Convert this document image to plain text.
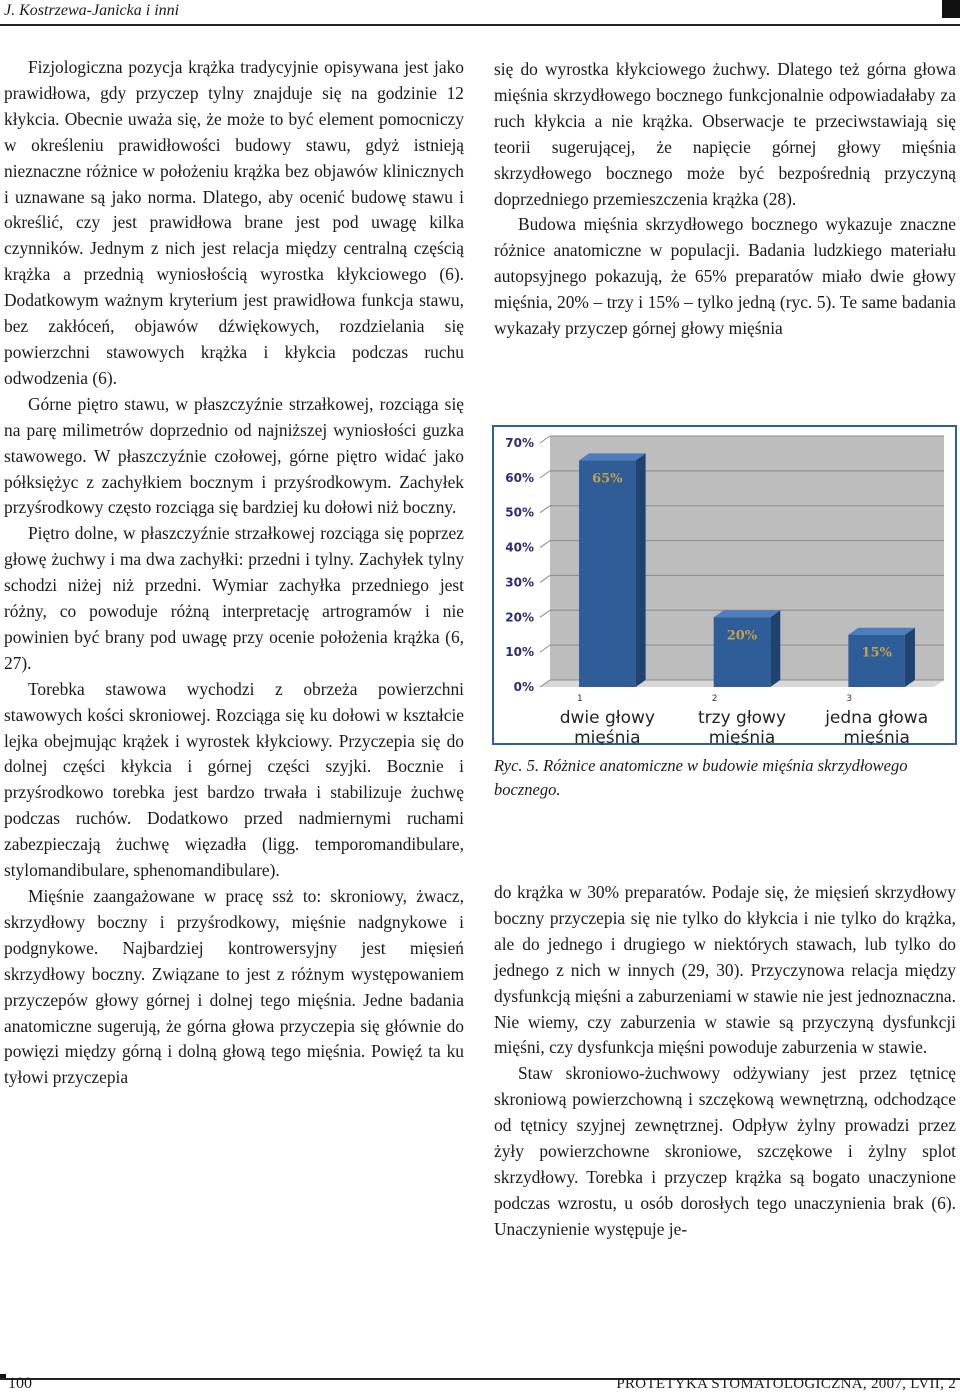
J. Kostrzewa-Janicka i inni

Fizjologiczna pozycja krążka tradycyjnie opisywana jest jako prawidłowa, gdy przyczep tylny znajduje się na godzinie 12 kłykcia. Obecnie uważa się, że może to być element pomocniczy w określeniu prawidłowości budowy stawu, gdyż istnieją nieznaczne różnice w położeniu krążka bez objawów klinicznych i uznawane są jako norma. Dlatego, aby ocenić budowę stawu i określić, czy jest prawidłowa brane jest pod uwagę kilka czynników. Jednym z nich jest relacja między centralną częścią krążka a przednią wyniosłością wyrostka kłykciowego (6). Dodatkowym ważnym kryterium jest prawidłowa funkcja stawu, bez zakłóceń, objawów dźwiękowych, rozdzielania się powierzchni stawowych krążka i kłykcia podczas ruchu odwodzenia (6).

Górne piętro stawu, w płaszczyźnie strzałkowej, rozciąga się na parę milimetrów doprzednio od najniższej wyniosłości guzka stawowego. W płaszczyźnie czołowej, górne piętro widać jako półksiężyc z zachyłkiem bocznym i przyśrodkowym. Zachyłek przyśrodkowy często rozciąga się bardziej ku dołowi niż boczny.

Piętro dolne, w płaszczyźnie strzałkowej rozciąga się poprzez głowę żuchwy i ma dwa zachyłki: przedni i tylny. Zachyłek tylny schodzi niżej niż przedni. Wymiar zachyłka przedniego jest różny, co powoduje różną interpretację artrogramów i nie powinien być brany pod uwagę przy ocenie położenia krążka (6, 27).

Torebka stawowa wychodzi z obrzeża powierzchni stawowych kości skroniowej. Rozciąga się ku dołowi w kształcie lejka obejmując krążek i wyrostek kłykciowy. Przyczepia się do dolnej części kłykcia i górnej części szyjki. Bocznie i przyśrodkowo torebka jest bardzo trwała i stabilizuje żuchwę podczas ruchów. Dodatkowo przed nadmiernymi ruchami zabezpieczają żuchwę więzadła (ligg. temporomandibulare, stylomandibulare, sphenomandibulare).

Mięśnie zaangażowane w pracę ssż to: skroniowy, żwacz, skrzydłowy boczny i przyśrodkowy, mięśnie nadgnykowe i podgnykowe. Najbardziej kontrowersyjny jest mięsień skrzydłowy boczny. Związane to jest z różnym występowaniem przyczepów głowy górnej i dolnej tego mięśnia. Jedne badania anatomiczne sugerują, że górna głowa przyczepia się głównie do powięzi między górną i dolną głową tego mięśnia. Powięź ta ku tyłowi przyczepia

się do wyrostka kłykciowego żuchwy. Dlatego też górna głowa mięśnia skrzydłowego bocznego funkcjonalnie odpowiadałaby za ruch kłykcia a nie krążka. Obserwacje te przeciwstawiają się teorii sugerującej, że napięcie górnej głowy mięśnia skrzydłowego bocznego może być bezpośrednią przyczyną doprzedniego przemieszczenia krążka (28).

Budowa mięśnia skrzydłowego bocznego wykazuje znaczne różnice anatomiczne w populacji. Badania ludzkiego materiału autopsyjnego pokazują, że 65% preparatów miało dwie głowy mięśnia, 20% – trzy i 15% – tylko jedną (ryc. 5). Te same badania wykazały przyczep górnej głowy mięśnia

0%
10%
20%
30%
40%
50%
60%
70%
65%
20%
15%
1
dwie głowy mięśnia
2
trzy głowy mięśnia
3
jedna głowa mięśnia
Ryc. 5. Różnice anatomiczne w budowie mięśnia skrzydłowego bocznego.

do krążka w 30% preparatów. Podaje się, że mięsień skrzydłowy boczny przyczepia się nie tylko do kłykcia i nie tylko do krążka, ale do jednego i drugiego w niektórych stawach, lub tylko do jednego z nich w innych (29, 30). Przyczynowa relacja między dysfunkcją mięśni a zaburzeniami w stawie nie jest jednoznaczna. Nie wiemy, czy zaburzenia w stawie są przyczyną dysfunkcji mięśni, czy dysfunkcja mięśni powoduje zaburzenia w stawie.

Staw skroniowo-żuchwowy odżywiany jest przez tętnicę skroniową powierzchowną i szczękową wewnętrzną, odchodzące od tętnicy szyjnej zewnętrznej. Odpływ żylny prowadzi przez żyły powierzchowne skroniowe, szczękowe i żylny splot skrzydłowy. Torebka i przyczep krążka są bogato unaczynione podczas wzrostu, u osób dorosłych tego unaczynienia brak (6). Unaczynienie występuje je-

100	PROTETYKA STOMATOLOGICZNA, 2007, LVII, 2
